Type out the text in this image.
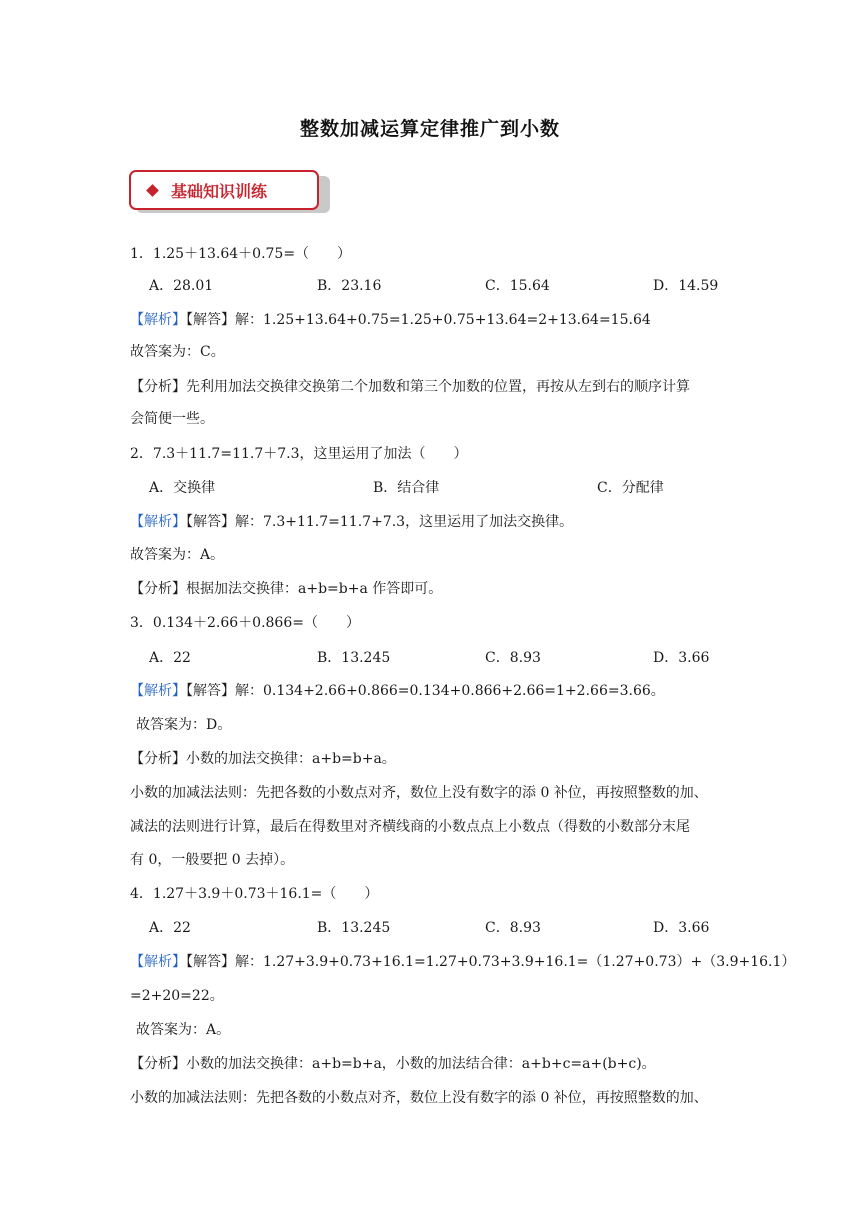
整数加减运算定律推广到小数
基础知识训练
1．1.25＋13.64＋0.75=（　　）
A．28.01	B．23.16	C．15.64	D．14.59
【解析】【解答】解：1.25+13.64+0.75=1.25+0.75+13.64=2+13.64=15.64
故答案为：C。
【分析】先利用加法交换律交换第二个加数和第三个加数的位置，再按从左到右的顺序计算
会简便一些。
2．7.3＋11.7=11.7＋7.3，这里运用了加法（　　）
A．交换律	B．结合律	C．分配律
【解析】【解答】解：7.3+11.7=11.7+7.3，这里运用了加法交换律。
故答案为：A。
【分析】根据加法交换律：a+b=b+a 作答即可。
3．0.134＋2.66＋0.866=（　　）
A．22	B．13.245	C．8.93	D．3.66
【解析】【解答】解：0.134+2.66+0.866=0.134+0.866+2.66=1+2.66=3.66。
故答案为：D。
【分析】小数的加法交换律：a+b=b+a。
小数的加减法法则：先把各数的小数点对齐，数位上没有数字的添 0 补位，再按照整数的加、
减法的法则进行计算，最后在得数里对齐横线商的小数点点上小数点（得数的小数部分末尾
有 0，一般要把 0 去掉）。
4．1.27＋3.9＋0.73＋16.1=（　　）
A．22	B．13.245	C．8.93	D．3.66
【解析】【解答】解：1.27+3.9+0.73+16.1=1.27+0.73+3.9+16.1=（1.27+0.73）+（3.9+16.1）
=2+20=22。
故答案为：A。
【分析】小数的加法交换律：a+b=b+a，小数的加法结合律：a+b+c=a+(b+c)。
小数的加减法法则：先把各数的小数点对齐，数位上没有数字的添 0 补位，再按照整数的加、
